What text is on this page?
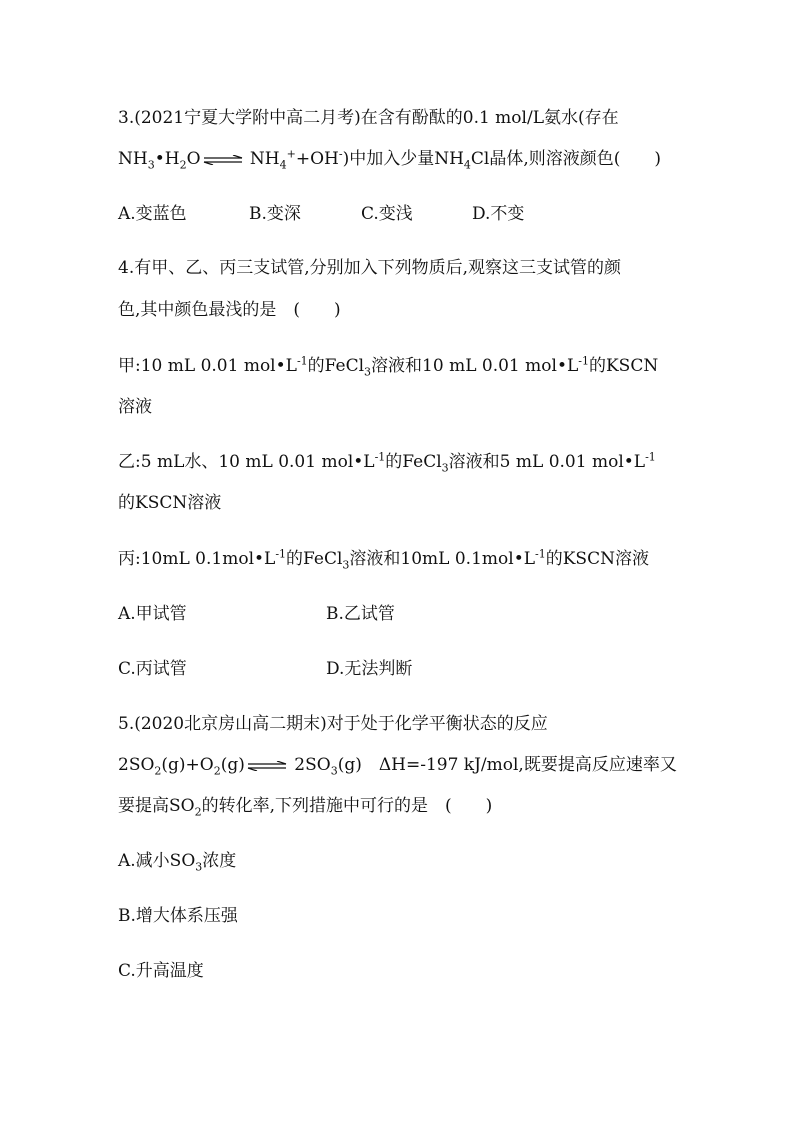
3.(2021宁夏大学附中高二月考)在含有酚酞的0.1 mol/L氨水(存在
$NH_3•H_2O$ ⇌ $NH_4^++OH^-$)中加入少量$NH_4Cl$晶体,则溶液颜色(　　)
A.变蓝色	B.变深	C.变浅	D.不变
4.有甲、乙、丙三支试管,分别加入下列物质后,观察这三支试管的颜
色,其中颜色最浅的是　(　　)
甲:10 mL 0.01 $mol•L^{-1}$的FeCl$_3$溶液和10 mL 0.01 $mol•L^{-1}$的KSCN
溶液
乙:5 mL水、10 mL 0.01 $mol•L^{-1}$的FeCl$_3$溶液和5 mL 0.01 $mol•L^{-1}$
的KSCN溶液
丙:10mL $0.1mol•L^{-1}$的FeCl$_3$溶液和10mL $0.1mol•L^{-1}$的KSCN溶液
A.甲试管	B.乙试管
C.丙试管	D.无法判断
5.(2020北京房山高二期末)对于处于化学平衡状态的反应
$2SO_2(g)+O_2(g)$ ⇌ $2SO_3(g)$　ΔH=-197 kJ/mol,既要提高反应速率又
要提高$SO_2$的转化率,下列措施中可行的是　(　　)
A.减小$SO_3$浓度
B.增大体系压强
C.升高温度
